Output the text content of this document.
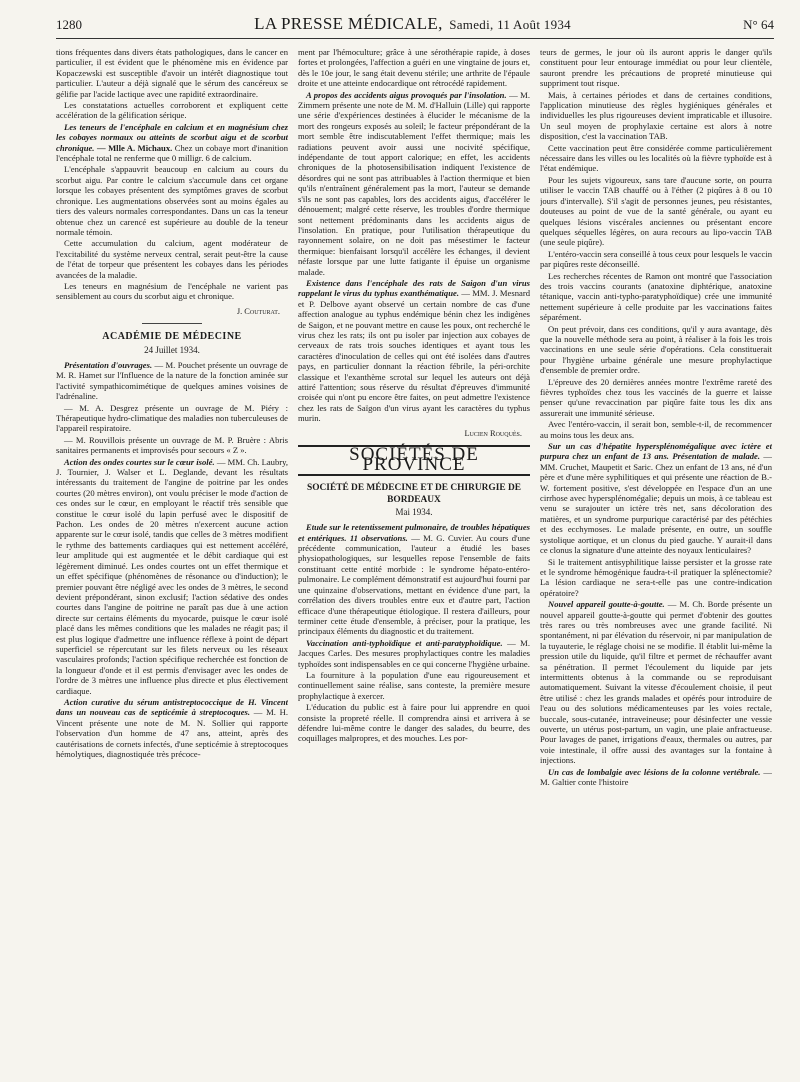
1280	LA PRESSE MÉDICALE, Samedi, 11 Août 1934	N° 64

tions fréquentes dans divers états pathologiques, dans le cancer en particulier, il est évident que le phénomène mis en évidence par Kopaczewski est susceptible d'avoir un intérêt diagnostique tout particulier. L'auteur a déjà signalé que le sérum des cancéreux se gélifie par l'acide lactique avec une rapidité extraordinaire.

Les constatations actuelles corroborent et expliquent cette accélération de la gélification sérique.

Les teneurs de l'encéphale en calcium et en magnésium chez les cobayes normaux ou atteints de scorbut aigu et de scorbut chronique. — Mlle A. Michaux. Chez un cobaye mort d'inanition l'encéphale total ne renferme que 0 milligr. 6 de calcium.

L'encéphale s'appauvrit beaucoup en calcium au cours du scorbut aigu. Par contre le calcium s'accumule dans cet organe lorsque les cobayes présentent des symptômes graves de scorbut chronique. Les augmentations observées sont au moins égales au tiers des valeurs normales correspondantes. Dans un cas la teneur obtenue chez un carencé est supérieure au double de la teneur normale témoin.

Cette accumulation du calcium, agent modérateur de l'excitabilité du système nerveux central, serait peut-être la cause de l'état de torpeur que présentent les cobayes dans les périodes avancées de la maladie.

Les teneurs en magnésium de l'encéphale ne varient pas sensiblement au cours du scorbut aigu et chronique.

J. Couturat.
ACADÉMIE DE MÉDECINE
24 Juillet 1934.

Présentation d'ouvrages. — M. Pouchet présente un ouvrage de M. R. Hamet sur l'Influence de la nature de la fonction aminée sur l'activité sympathicomimétique de quelques amines voisines de l'adrénaline.

— M. A. Desgrez présente un ouvrage de M. Piéry : Thérapeutique hydro-climatique des maladies non tuberculeuses de l'appareil respiratoire.

— M. Rouvillois présente un ouvrage de M. P. Bruère : Abris sanitaires permanents et improvisés pour secours « Z ».

Action des ondes courtes sur le cœur isolé. — MM. Ch. Laubry, J. Tournier, J. Walser et L. Deglande, devant les résultats intéressants du traitement de l'angine de poitrine par les ondes courtes (20 mètres environ), ont voulu préciser le mode d'action de ces ondes sur le cœur, en employant le réactif très sensible que constitue le cœur isolé du lapin perfusé avec le dispositif de Pachon. Les ondes de 20 mètres n'exercent aucune action apparente sur le cœur isolé, tandis que celles de 3 mètres modifient le rythme des battements cardiaques qui est nettement accéléré, leur amplitude qui est augmentée et le débit cardiaque qui est légèrement diminué. Les ondes courtes ont un effet thermique et un effet spécifique (phénomènes de résonance ou d'induction); le premier pouvant être négligé avec les ondes de 3 mètres, le second devient prépondérant, sinon exclusif; l'action sédative des ondes courtes dans l'angine de poitrine ne paraît pas due à une action directe sur certains éléments du myocarde, puisque le cœur isolé placé dans les mêmes conditions que les malades ne réagit pas; il est plus logique d'admettre une influence réflexe à point de départ superficiel se répercutant sur les filets nerveux ou les réseaux vasculaires profonds; l'action spécifique recherchée est fonction de la longueur d'onde et il est permis d'envisager avec les ondes de l'ordre de 3 mètres une influence plus directe et plus électivement cardiaque.

Action curative du sérum antistreptococcique de H. Vincent dans un nouveau cas de septicémie à streptocoques. — M. H. Vincent présente une note de M. N. Sollier qui rapporte l'observation d'un homme de 47 ans, atteint, après des cautérisations de cornets infectés, d'une septicémie à streptocoques hémolytiques, diagnostiquée très précoce-

ment par l'hémoculture; grâce à une sérothérapie rapide, à doses fortes et prolongées, l'affection a guéri en une vingtaine de jours et, dès le 10e jour, le sang était devenu stérile; une arthrite de l'épaule droite et une atteinte endocardique ont rétrocédé rapidement.

A propos des accidents aigus provoqués par l'insolation. — M. Zimmern présente une note de M. M. d'Halluin (Lille) qui rapporte une série d'expériences destinées à élucider le mécanisme de la mort des rongeurs exposés au soleil; le facteur prépondérant de la mort semble être indiscutablement l'effet thermique; mais les radiations peuvent avoir aussi une nocivité spécifique, indépendante de tout apport calorique; en effet, les accidents chroniques de la photosensibilisation indiquent l'existence de désordres qui ne sont pas attribuables à l'action thermique et bien qu'ils n'entraînent généralement pas la mort, l'auteur se demande s'ils ne sont pas capables, lors des accidents aigus, d'accélérer le dénouement; malgré cette réserve, les troubles d'ordre thermique sont nettement prédominants dans les accidents aigus de l'insolation. En pratique, pour l'utilisation thérapeutique du rayonnement solaire, on ne doit pas mésestimer le facteur thermique: bienfaisant lorsqu'il accélère les échanges, il devient néfaste lorsque par une lutte fatigante il épuise un organisme malade.

Existence dans l'encéphale des rats de Saigon d'un virus rappelant le virus du typhus exanthématique. — MM. J. Mesnard et P. Delbove ayant observé un certain nombre de cas d'une affection analogue au typhus endémique bénin chez les indigènes de Saigon, et ne pouvant mettre en cause les poux, ont recherché le virus chez les rats; ils ont pu isoler par injection aux cobayes de cerveaux de rats trois souches identiques et ayant tous les caractères d'inoculation de celles qui ont été isolées dans d'autres pays, en particulier donnant la réaction fébrile, la péri-orchite classique et l'exanthème scrotal sur lequel les auteurs ont déjà attiré l'attention; sous réserve du résultat d'épreuves d'immunité croisée qui n'ont pu encore être faites, on peut admettre l'existence chez les rats de Saïgon d'un virus ayant les caractères du typhus murin.

Lucien Rouquès.
SOCIÉTÉS DE PROVINCE
SOCIÉTÉ DE MÉDECINE ET DE CHIRURGIE DE BORDEAUX
Mai 1934.

Etude sur le retentissement pulmonaire, de troubles hépatiques et entériques. 11 observations. — M. G. Cuvier. Au cours d'une précédente communication, l'auteur a étudié les bases physiopathologiques, sur lesquelles repose l'ensemble de faits constituant cette entité morbide : le syndrome hépato-entéro-pulmonaire. Le complément démonstratif est aujourd'hui fourni par une quinzaine d'observations, mettant en évidence d'une part, la corrélation des divers troubles entre eux et d'autre part, l'action efficace d'une thérapeutique étiologique. Il restera d'ailleurs, pour terminer cette étude d'ensemble, à préciser, pour la pratique, les principaux éléments du diagnostic et du traitement.

Vaccination anti-typhoïdique et anti-paratyphoïdique. — M. Jacques Carles. Des mesures prophylactiques contre les maladies typhoïdes sont indispensables en ce qui concerne l'hygiène urbaine.

La fourniture à la population d'une eau rigoureusement et continuellement saine réalise, sans conteste, la première mesure prophylactique à exercer.

L'éducation du public est à faire pour lui apprendre en quoi consiste la propreté réelle. Il comprendra ainsi et arrivera à se défendre lui-même contre le danger des salades, du beurre, des coquillages malpropres, et des mouches. Les por-

teurs de germes, le jour où ils auront appris le danger qu'ils constituent pour leur entourage immédiat ou pour leur clientèle, sauront prendre les précautions de propreté minutieuse qui suppriment tout risque.

Mais, à certaines périodes et dans de certaines conditions, l'application minutieuse des règles hygiéniques générales et individuelles les plus rigoureuses devient impraticable et illusoire. Un seul moyen de prophylaxie certaine est alors à notre disposition, c'est la vaccination TAB.

Cette vaccination peut être considérée comme particulièrement nécessaire dans les villes ou les localités où la fièvre typhoïde est à l'état endémique.

Pour les sujets vigoureux, sans tare d'aucune sorte, on pourra utiliser le vaccin TAB chauffé ou à l'éther (2 piqûres à 8 ou 10 jours d'intervalle). S'il s'agit de personnes jeunes, peu résistantes, douteuses au point de vue de la santé générale, ou ayant eu quelques lésions viscérales anciennes ou présentant encore quelques séquelles légères, on aura recours au lipo-vaccin TAB (une seule piqûre).

L'entéro-vaccin sera conseillé à tous ceux pour lesquels le vaccin par piqûres reste déconseillé.

Les recherches récentes de Ramon ont montré que l'association des trois vaccins courants (anatoxine diphtérique, anatoxine tétanique, vaccin anti-typho-paratyphoïdique) crée une immunité nettement supérieure à celle produite par les vaccinations faites séparément.

On peut prévoir, dans ces conditions, qu'il y aura avantage, dès que la nouvelle méthode sera au point, à réaliser à la fois les trois vaccinations en une seule série d'opérations. Cela constituerait pour l'hygiène urbaine générale une mesure prophylactique d'ensemble de premier ordre.

L'épreuve des 20 dernières années montre l'extrême rareté des fièvres typhoïdes chez tous les vaccinés de la guerre et laisse penser qu'une revaccination par piqûre faite tous les dix ans assurerait une immunité sérieuse.

Avec l'entéro-vaccin, il serait bon, semble-t-il, de recommencer au moins tous les deux ans.

Sur un cas d'hépatite hypersplénomégalique avec ictère et purpura chez un enfant de 13 ans. Présentation de malade. — MM. Cruchet, Maupetit et Saric. Chez un enfant de 13 ans, né d'un père et d'une mère syphilitiques et qui présente une réaction de B.-W. fortement positive, s'est développée en l'espace d'un an une cirrhose avec hypersplénomégalie; depuis un mois, à ce tableau est venu se surajouter un ictère très net, sans décoloration des matières, et un syndrome purpurique caractérisé par des pétéchies et des ecchymoses. Le malade présente, en outre, un souffle systolique aortique, et un clonus du pied gauche. Y aurait-il dans ce clonus la signature d'une atteinte des noyaux lenticulaires?

Si le traitement antisyphilitique laisse persister et la grosse rate et le syndrome hémogénique faudra-t-il pratiquer la splénectomie? La lésion cardiaque ne sera-t-elle pas une contre-indication opératoire?

Nouvel appareil goutte-à-goutte. — M. Ch. Borde présente un nouvel appareil goutte-à-goutte qui permet d'obtenir des gouttes très rares ou très nombreuses avec une grande facilité. Ni spontanément, ni par élévation du réservoir, ni par manipulation de la tuyauterie, le réglage choisi ne se modifie. Il établit lui-même la pression utile du liquide, qu'il filtre et permet de réchauffer avant sa pénétration. Il permet l'écoulement du liquide par jets intermittents obtenus à la commande ou se reproduisant automatiquement. Suivant la vitesse d'écoulement choisie, il peut être utilisé : chez les grands malades et opérés pour introduire de l'eau ou des solutions médicamenteuses par les voies rectale, buccale, sous-cutanée, intraveineuse; pour désinfecter une vessie ouverte, un utérus post-partum, un vagin, une plaie anfractueuse. Pour lavages de panet, irrigations d'eaux, thermales ou autres, par voie intestinale, il offre aussi des avantages sur la fontaine à injections.

Un cas de lombalgie avec lésions de la colonne vertébrale. — M. Galtier conte l'histoire
